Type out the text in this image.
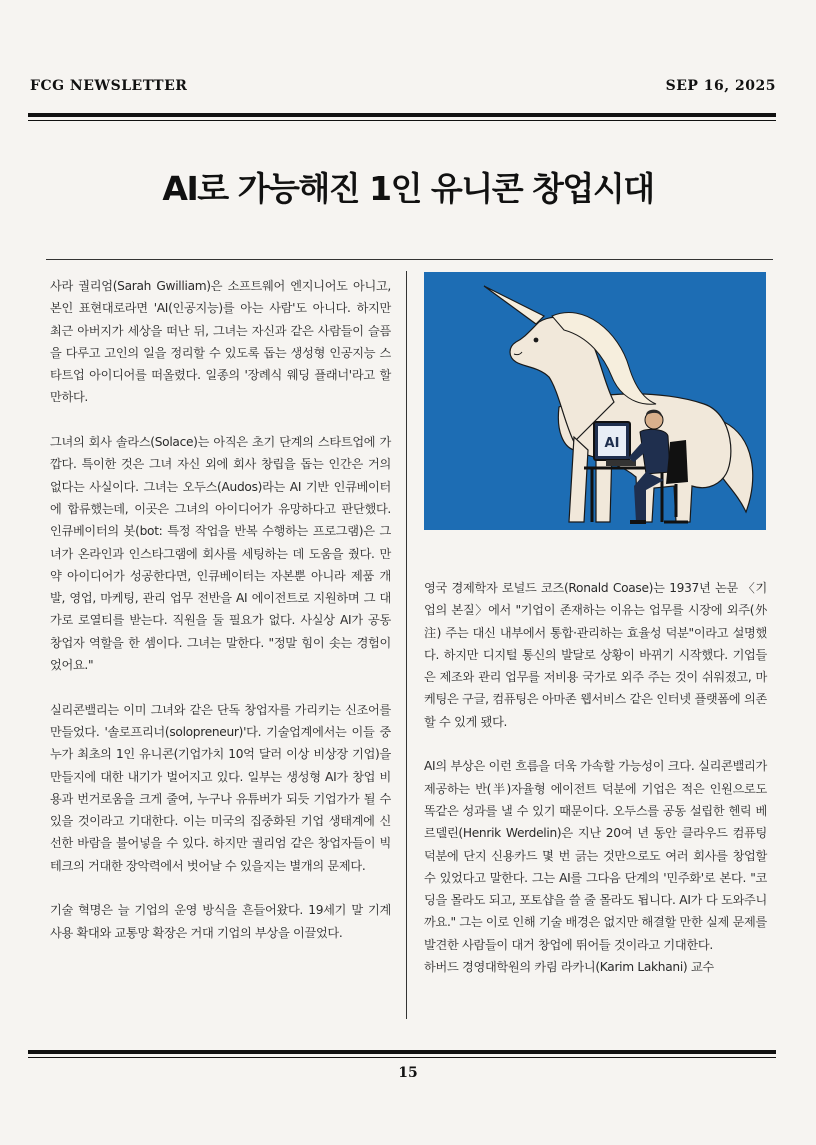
FCG NEWSLETTER	SEP 16, 2025
AI로 가능해진 1인 유니콘 창업시대

사라 궐리엄(Sarah Gwilliam)은 소프트웨어 엔지니어도 아니고, 본인 표현대로라면 'AI(인공지능)를 아는 사람'도 아니다. 하지만 최근 아버지가 세상을 떠난 뒤, 그녀는 자신과 같은 사람들이 슬픔을 다루고 고인의 일을 정리할 수 있도록 돕는 생성형 인공지능 스타트업 아이디어를 떠올렸다. 일종의 '장례식 웨딩 플래너'라고 할 만하다.

그녀의 회사 솔라스(Solace)는 아직은 초기 단계의 스타트업에 가깝다. 특이한 것은 그녀 자신 외에 회사 창립을 돕는 인간은 거의 없다는 사실이다. 그녀는 오두스(Audos)라는 AI 기반 인큐베이터에 합류했는데, 이곳은 그녀의 아이디어가 유망하다고 판단했다. 인큐베이터의 봇(bot: 특정 작업을 반복 수행하는 프로그램)은 그녀가 온라인과 인스타그램에 회사를 세팅하는 데 도움을 줬다. 만약 아이디어가 성공한다면, 인큐베이터는 자본뿐 아니라 제품 개발, 영업, 마케팅, 관리 업무 전반을 AI 에이전트로 지원하며 그 대가로 로열티를 받는다. 직원을 둘 필요가 없다. 사실상 AI가 공동 창업자 역할을 한 셈이다. 그녀는 말한다. "정말 힘이 솟는 경험이었어요."

실리콘밸리는 이미 그녀와 같은 단독 창업자를 가리키는 신조어를 만들었다. '솔로프리너(solopreneur)'다. 기술업계에서는 이들 중 누가 최초의 1인 유니콘(기업가치 10억 달러 이상 비상장 기업)을 만들지에 대한 내기가 벌어지고 있다. 일부는 생성형 AI가 창업 비용과 번거로움을 크게 줄여, 누구나 유튜버가 되듯 기업가가 될 수 있을 것이라고 기대한다. 이는 미국의 집중화된 기업 생태계에 신선한 바람을 불어넣을 수 있다. 하지만 궐리엄 같은 창업자들이 빅테크의 거대한 장악력에서 벗어날 수 있을지는 별개의 문제다.

기술 혁명은 늘 기업의 운영 방식을 흔들어왔다. 19세기 말 기계 사용 확대와 교통망 확장은 거대 기업의 부상을 이끌었다.

AI

영국 경제학자 로널드 코즈(Ronald Coase)는 1937년 논문 〈기업의 본질〉에서 "기업이 존재하는 이유는 업무를 시장에 외주(外注) 주는 대신 내부에서 통합·관리하는 효율성 덕분"이라고 설명했다. 하지만 디지털 통신의 발달로 상황이 바뀌기 시작했다. 기업들은 제조와 관리 업무를 저비용 국가로 외주 주는 것이 쉬워졌고, 마케팅은 구글, 컴퓨팅은 아마존 웹서비스 같은 인터넷 플랫폼에 의존할 수 있게 됐다.

AI의 부상은 이런 흐름을 더욱 가속할 가능성이 크다. 실리콘밸리가 제공하는 반(半)자율형 에이전트 덕분에 기업은 적은 인원으로도 똑같은 성과를 낼 수 있기 때문이다. 오두스를 공동 설립한 헨릭 베르델린(Henrik Werdelin)은 지난 20여 년 동안 클라우드 컴퓨팅 덕분에 단지 신용카드 몇 번 긁는 것만으로도 여러 회사를 창업할 수 있었다고 말한다. 그는 AI를 그다음 단계의 '민주화'로 본다. "코딩을 몰라도 되고, 포토샵을 쓸 줄 몰라도 됩니다. AI가 다 도와주니까요." 그는 이로 인해 기술 배경은 없지만 해결할 만한 실제 문제를 발견한 사람들이 대거 창업에 뛰어들 것이라고 기대한다.

하버드 경영대학원의 카림 라카니(Karim Lakhani) 교수

15
